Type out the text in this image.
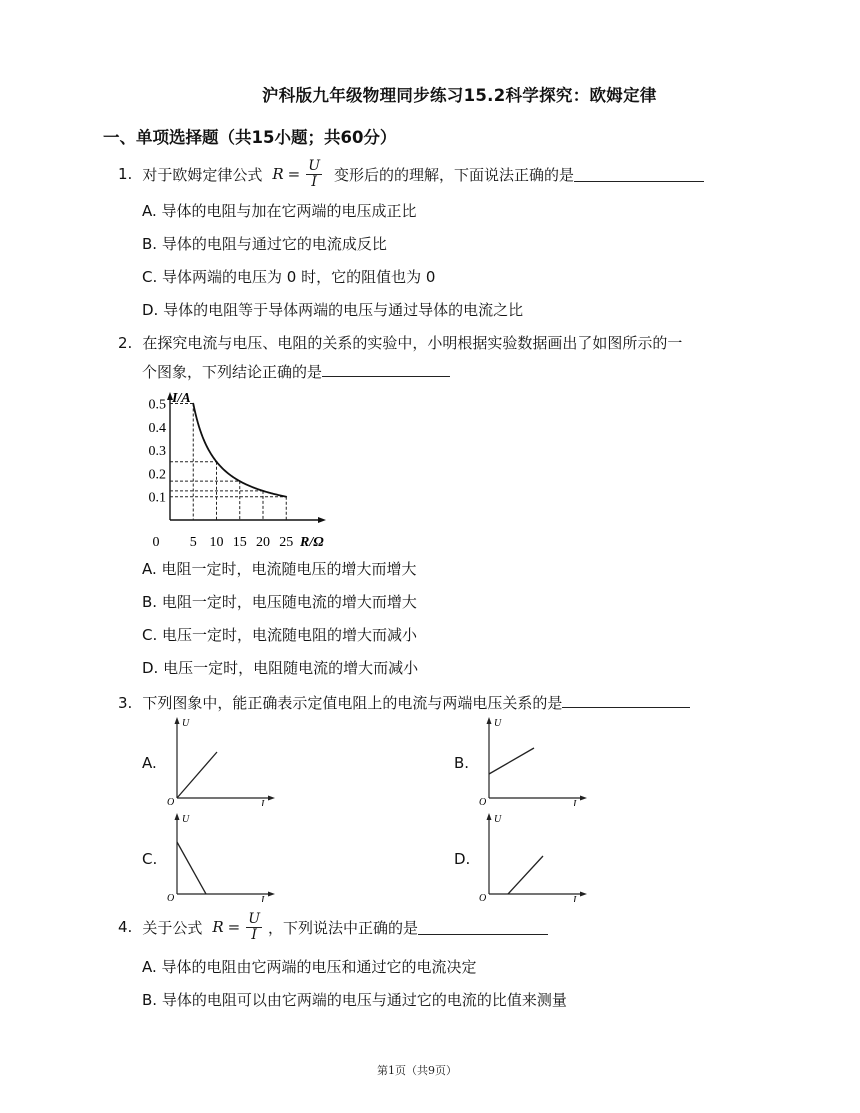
沪科版九年级物理同步练习15.2科学探究：欧姆定律
一、单项选择题（共15小题；共60分）
1. 对于欧姆定律公式 $R = \frac{U}{I}$ 变形后的的理解，下面说法正确的是
A. 导体的电阻与加在它两端的电压成正比
B. 导体的电阻与通过它的电流成反比
C. 导体两端的电压为 0 时，它的阻值也为 0
D. 导体的电阻等于导体两端的电压与通过导体的电流之比
2. 在探究电流与电压、电阻的关系的实验中，小明根据实验数据画出了如图所示的一
个图象，下列结论正确的是
0.1
0.2
0.3
0.4
0.5
0 5 10 15 20 25
I/A
R/Ω
A. 电阻一定时，电流随电压的增大而增大
B. 电阻一定时，电压随电流的增大而增大
C. 电压一定时，电流随电阻的增大而减小
D. 电压一定时，电阻随电流的增大而减小
3. 下列图象中，能正确表示定值电阻上的电流与两端电压关系的是
A.
U
I
O
B.
U
I
O
C.
U
I
O
D.
U
I
O
4. 关于公式 $R = \frac{U}{I}$ ，下列说法中正确的是
A. 导体的电阻由它两端的电压和通过它的电流决定
B. 导体的电阻可以由它两端的电压与通过它的电流的比值来测量
第1页（共9页）
